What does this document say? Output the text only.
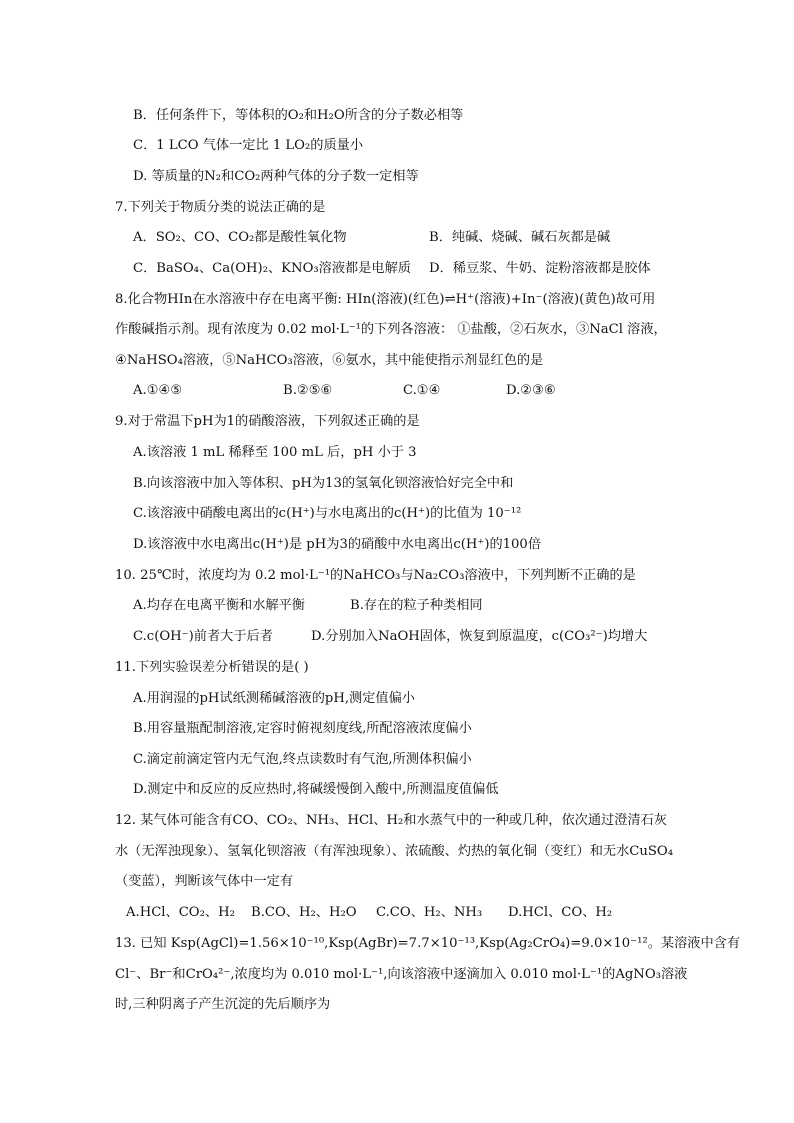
B．任何条件下，等体积的O₂和H₂O所含的分子数必相等
C．1 LCO 气体一定比 1 LO₂的质量小
D. 等质量的N₂和CO₂两种气体的分子数一定相等
7.下列关于物质分类的说法正确的是
A．SO₂、CO、CO₂都是酸性氧化物	B．纯碱、烧碱、碱石灰都是碱
C．BaSO₄、Ca(OH)₂、KNO₃溶液都是电解质 D．稀豆浆、牛奶、淀粉溶液都是胶体
8.化合物HIn在水溶液中存在电离平衡: HIn(溶液)(红色)⇌H⁺(溶液)+In⁻(溶液)(黄色)故可用
作酸碱指示剂。现有浓度为 0.02 mol·L⁻¹的下列各溶液： ①盐酸，②石灰水，③NaCl 溶液，
④NaHSO₄溶液，⑤NaHCO₃溶液，⑥氨水，其中能使指示剂显红色的是
A.①④⑤	B.②⑤⑥	C.①④	D.②③⑥
9.对于常温下pH为1的硝酸溶液，下列叙述正确的是
A.该溶液 1 mL 稀释至 100 mL 后，pH 小于 3
B.向该溶液中加入等体积、pH为13的氢氧化钡溶液恰好完全中和
C.该溶液中硝酸电离出的c(H⁺)与水电离出的c(H⁺)的比值为 10⁻¹²
D.该溶液中水电离出c(H⁺)是 pH为3的硝酸中水电离出c(H⁺)的100倍
10. 25℃时，浓度均为 0.2 mol·L⁻¹的NaHCO₃与Na₂CO₃溶液中，下列判断不正确的是
A.均存在电离平衡和水解平衡	B.存在的粒子种类相同
C.c(OH⁻)前者大于后者	D.分别加入NaOH固体，恢复到原温度，c(CO₃²⁻)均增大
11.下列实验误差分析错误的是( )
A.用润湿的pH试纸测稀碱溶液的pH,测定值偏小
B.用容量瓶配制溶液,定容时俯视刻度线,所配溶液浓度偏小
C.滴定前滴定管内无气泡,终点读数时有气泡,所测体积偏小
D.测定中和反应的反应热时,将碱缓慢倒入酸中,所测温度值偏低
12. 某气体可能含有CO、CO₂、NH₃、HCl、H₂和水蒸气中的一种或几种，依次通过澄清石灰
水（无浑浊现象）、氢氧化钡溶液（有浑浊现象）、浓硫酸、灼热的氧化铜（变红）和无水CuSO₄
（变蓝），判断该气体中一定有
A.HCl、CO₂、H₂ B.CO、H₂、H₂O C.CO、H₂、NH₃ D.HCl、CO、H₂
13. 已知 Ksp(AgCl)=1.56×10⁻¹⁰,Ksp(AgBr)=7.7×10⁻¹³,Ksp(Ag₂CrO₄)=9.0×10⁻¹²。某溶液中含有
Cl⁻、Br⁻和CrO₄²⁻,浓度均为 0.010 mol·L⁻¹,向该溶液中逐滴加入 0.010 mol·L⁻¹的AgNO₃溶液
时,三种阴离子产生沉淀的先后顺序为
